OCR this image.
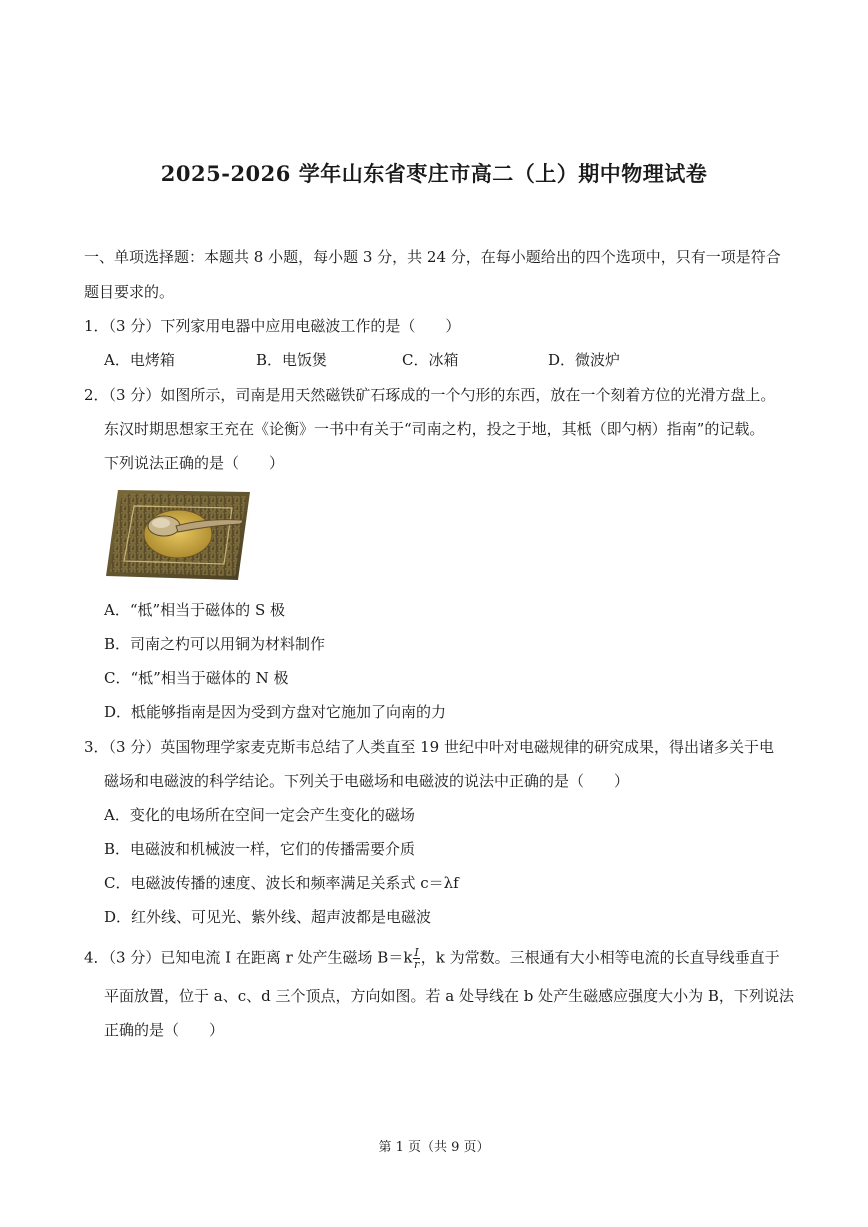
2025-2026 学年山东省枣庄市高二（上）期中物理试卷
一、单项选择题：本题共 8 小题，每小题 3 分，共 24 分，在每小题给出的四个选项中，只有一项是符合
题目要求的。
1．（3 分）下列家用电器中应用电磁波工作的是（　　）
A．电烤箱	B．电饭煲	C．冰箱	D．微波炉
2．（3 分）如图所示，司南是用天然磁铁矿石琢成的一个勺形的东西，放在一个刻着方位的光滑方盘上。
东汉时期思想家王充在《论衡》一书中有关于“司南之杓，投之于地，其柢（即勺柄）指南”的记载。
下列说法正确的是（　　）
A．“柢”相当于磁体的 S 极
B．司南之杓可以用铜为材料制作
C．“柢”相当于磁体的 N 极
D．柢能够指南是因为受到方盘对它施加了向南的力
3．（3 分）英国物理学家麦克斯韦总结了人类直至 19 世纪中叶对电磁规律的研究成果，得出诸多关于电
磁场和电磁波的科学结论。下列关于电磁场和电磁波的说法中正确的是（　　）
A．变化的电场所在空间一定会产生变化的磁场
B．电磁波和机械波一样，它们的传播需要介质
C．电磁波传播的速度、波长和频率满足关系式 c＝λf
D．红外线、可见光、紫外线、超声波都是电磁波
4．（3 分）已知电流 I 在距离 r 处产生磁场 $B=k \frac{I}{r}$ ，k 为常数。三根通有大小相等电流的长直导线垂直于
平面放置，位于 a、c、d 三个顶点，方向如图。若 a 处导线在 b 处产生磁感应强度大小为 B，下列说法
正确的是（　　）
第 1 页（共 9 页）
